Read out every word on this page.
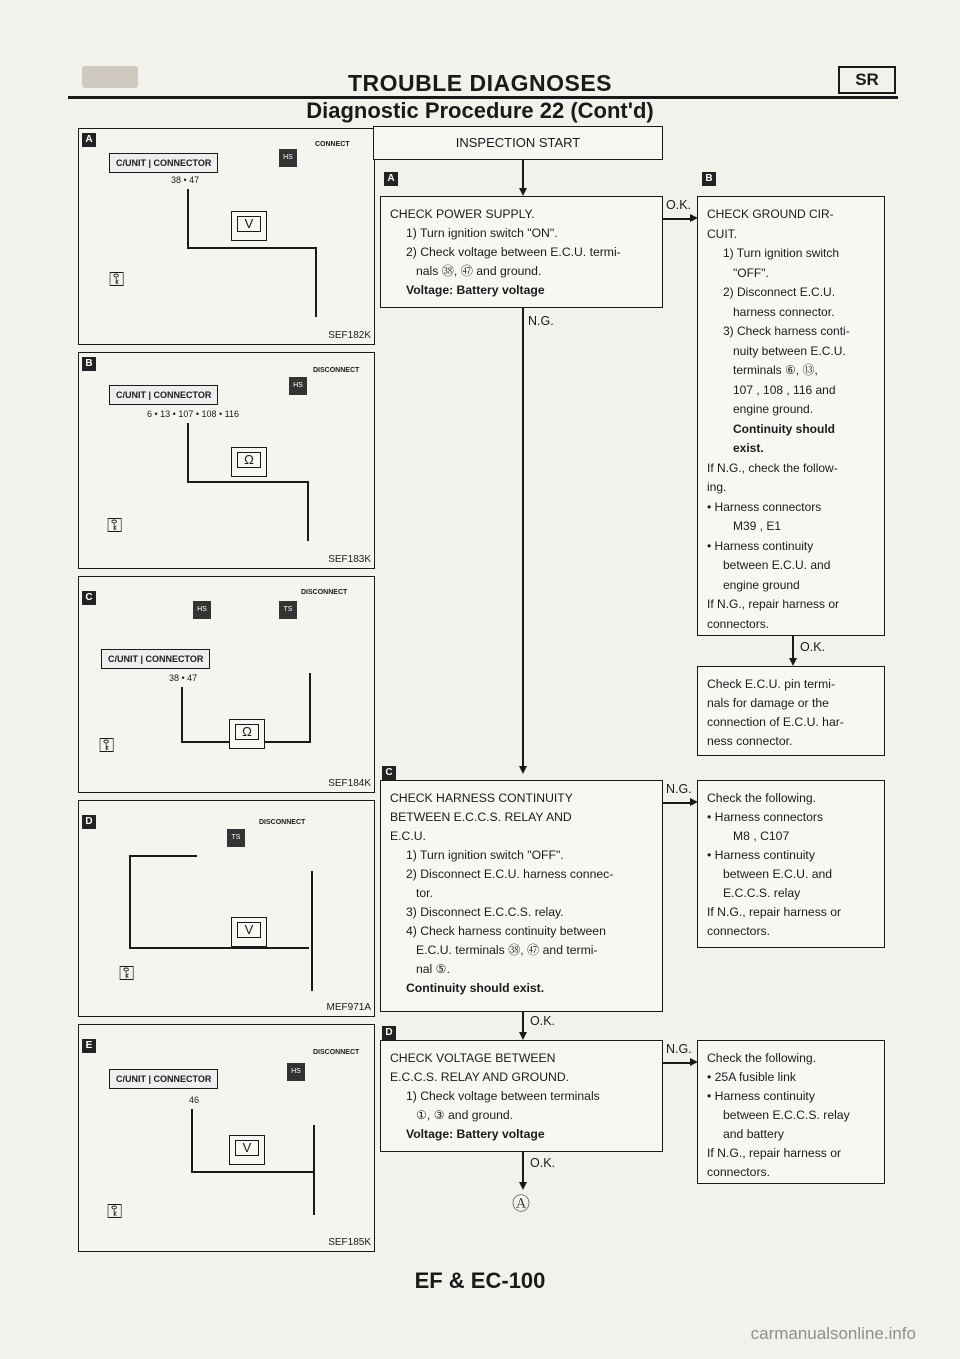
TROUBLE DIAGNOSES	SR
Diagnostic Procedure 22 (Cont'd)
A
C/UNIT | CONNECTOR
HS
CONNECT
38 • 47
V
⚿
SEF182K
B
C/UNIT | CONNECTOR
HS
DISCONNECT
6 • 13 • 107 • 108 • 116
Ω
⚿
SEF183K
C
HS	TS
DISCONNECT
C/UNIT | CONNECTOR
38 • 47
Ω
⚿
SEF184K
D
TS
DISCONNECT
V
⚿
MEF971A
E
C/UNIT | CONNECTOR
HS
DISCONNECT
46
V
⚿
SEF185K
INSPECTION START
A	B

CHECK POWER SUPPLY.

1) Turn ignition switch "ON".

2) Check voltage between E.C.U. termi-

nals ㊳, ㊼ and ground.

Voltage: Battery voltage

O.K.

CHECK GROUND CIR-

CUIT.

1) Turn ignition switch

"OFF".

2) Disconnect E.C.U.

harness connector.

3) Check harness conti-

nuity between E.C.U.

terminals ⑥, ⑬,

107 , 108 , 116 and

engine ground.

Continuity should

exist.

If N.G., check the follow-

ing.

• Harness connectors

M39 , E1

• Harness continuity

between E.C.U. and

engine ground

If N.G., repair harness or

connectors.

O.K.

Check E.C.U. pin termi-

nals for damage or the

connection of E.C.U. har-

ness connector.

N.G.
C

CHECK HARNESS CONTINUITY

BETWEEN E.C.C.S. RELAY AND

E.C.U.

1) Turn ignition switch "OFF".

2) Disconnect E.C.U. harness connec-

tor.

3) Disconnect E.C.C.S. relay.

4) Check harness continuity between

E.C.U. terminals ㊳, ㊼ and termi-

nal ⑤.

Continuity should exist.

N.G.

Check the following.

• Harness connectors

M8 , C107

• Harness continuity

between E.C.U. and

E.C.C.S. relay

If N.G., repair harness or

connectors.

O.K.
D

CHECK VOLTAGE BETWEEN

E.C.C.S. RELAY AND GROUND.

1) Check voltage between terminals

①, ③ and ground.

Voltage: Battery voltage

N.G.

Check the following.

• 25A fusible link

• Harness continuity

between E.C.C.S. relay

and battery

If N.G., repair harness or

connectors.

O.K.
Ⓐ
EF & EC-100
carmanualsonline.info
